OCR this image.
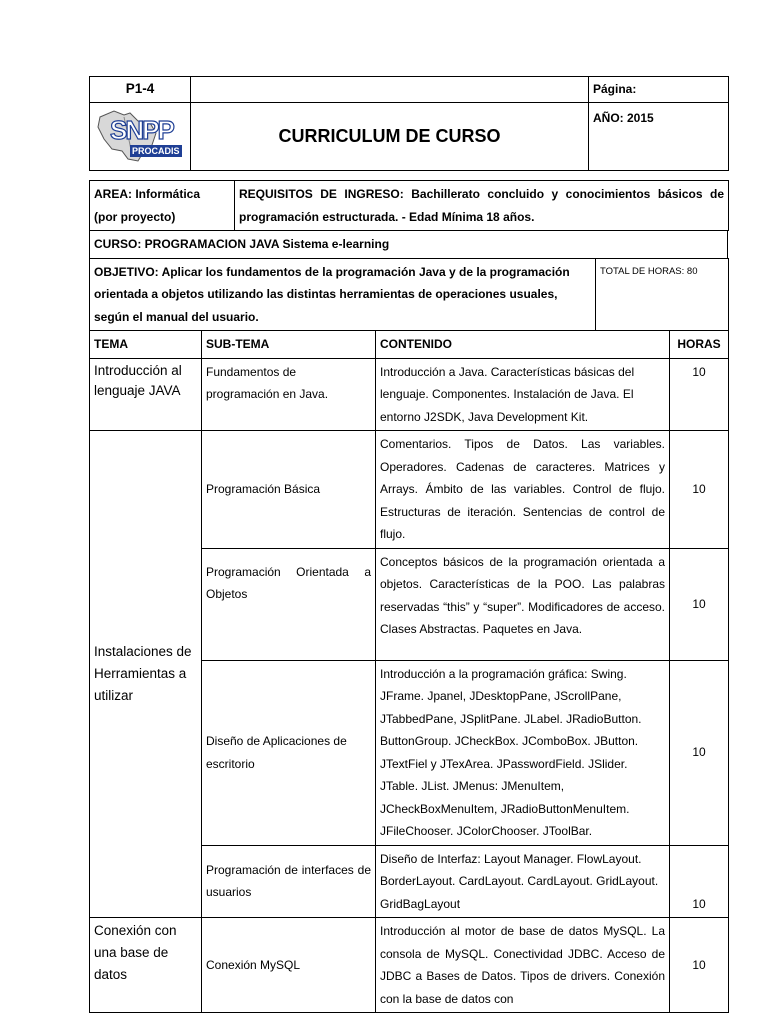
P1-4		Página:

SNPP
PROCADIS	CURRICULUM DE CURSO	AÑO: 2015
AREA: Informática
(por proyecto)
	REQUISITOS DE INGRESO: Bachillerato concluido y conocimientos básicos de programación estructurada. - Edad Mínima 18 años.
CURSO: PROGRAMACION JAVA Sistema e-learning
OBJETIVO: Aplicar los fundamentos de la programación Java y de la programación orientada a objetos utilizando las distintas herramientas de operaciones usuales, según el manual del usuario.	TOTAL DE HORAS: 80
TEMA	SUB-TEMA	CONTENIDO	HORAS
Introducción al lenguaje JAVA	Fundamentos de programación en Java.	Introducción a Java. Características básicas del lenguaje. Componentes. Instalación de Java. El entorno J2SDK, Java Development Kit.	10
Instalaciones de Herramientas a utilizar	Programación Básica	Comentarios. Tipos de Datos. Las variables. Operadores. Cadenas de caracteres. Matrices y Arrays. Ámbito de las variables. Control de flujo. Estructuras de iteración. Sentencias de control de flujo.	10
	Programación Orientada a Objetos	Conceptos básicos de la programación orientada a objetos. Características de la POO. Las palabras reservadas “this” y “super”. Modificadores de acceso. Clases Abstractas. Paquetes en Java.	10
	Diseño de Aplicaciones de escritorio	Introducción a la programación gráfica: Swing. JFrame. Jpanel, JDesktopPane, JScrollPane, JTabbedPane, JSplitPane. JLabel. JRadioButton. ButtonGroup. JCheckBox. JComboBox. JButton. JTextFiel y JTexArea. JPasswordField. JSlider. JTable. JList. JMenus: JMenuItem, JCheckBoxMenuItem, JRadioButtonMenuItem. JFileChooser. JColorChooser. JToolBar.	10
	Programación de interfaces de usuarios	Diseño de Interfaz: Layout Manager. FlowLayout. BorderLayout. CardLayout. CardLayout. GridLayout. GridBagLayout	10
Conexión con una base de datos	Conexión MySQL	Introducción al motor de base de datos MySQL. La consola de MySQL. Conectividad JDBC. Acceso de JDBC a Bases de Datos. Tipos de drivers. Conexión con la base de datos con	10
